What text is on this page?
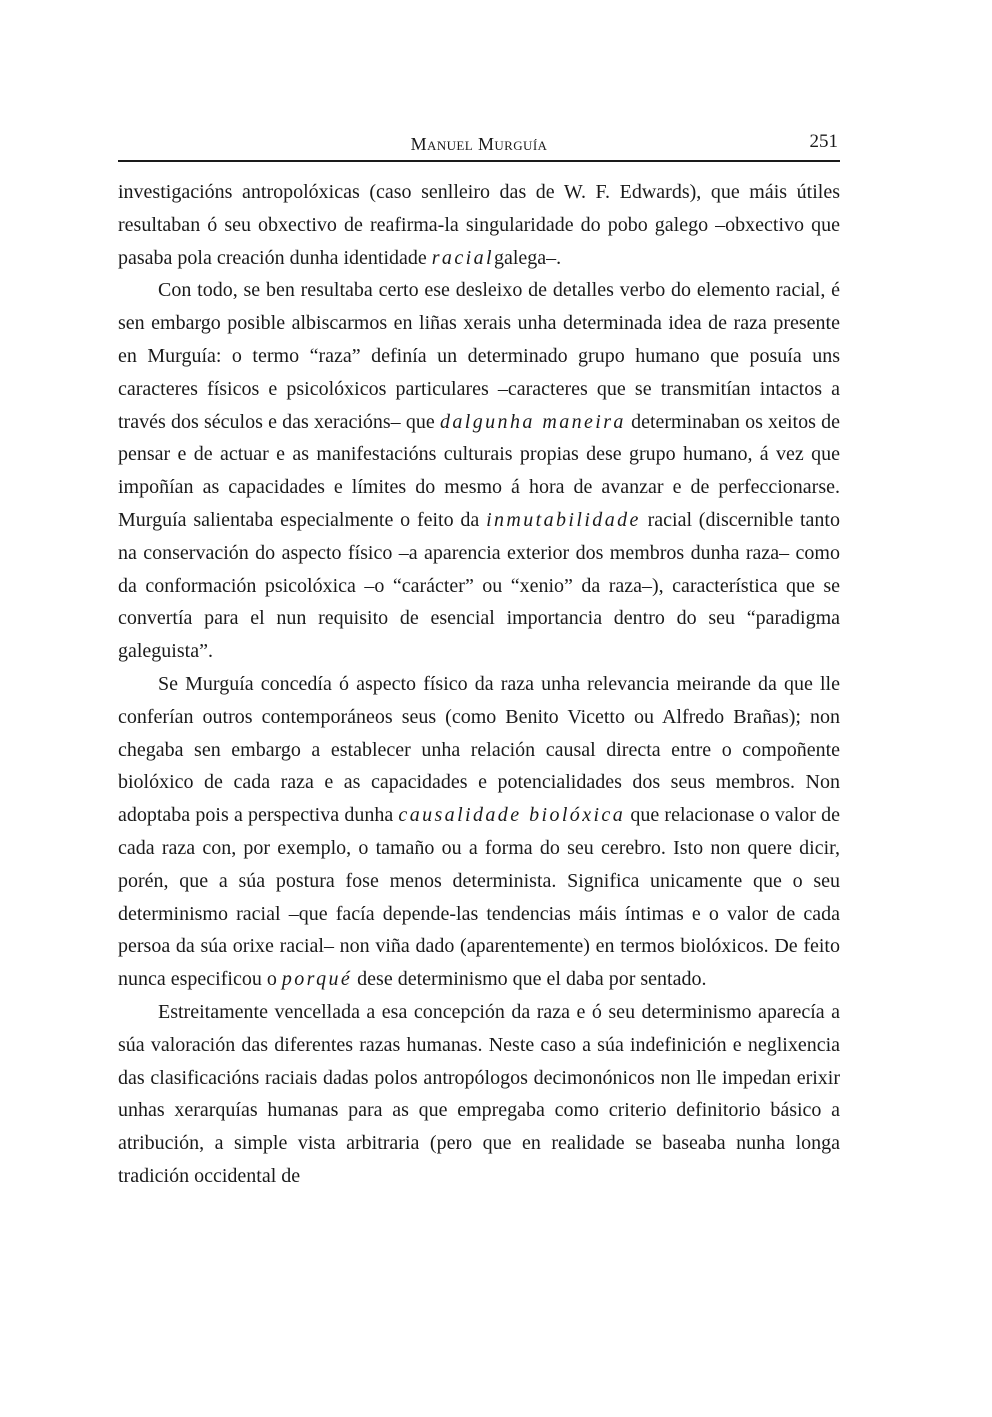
Manuel Murguía	251

investigacións antropolóxicas (caso senlleiro das de W. F. Edwards), que máis útiles resultaban ó seu obxectivo de reafirma-la singularidade do pobo galego –obxectivo que pasaba pola creación dunha identidade racialgalega–.

Con todo, se ben resultaba certo ese desleixo de detalles verbo do elemento racial, é sen embargo posible albiscarmos en liñas xerais unha determinada idea de raza presente en Murguía: o termo “raza” definía un determinado grupo humano que posuía uns caracteres físicos e psicolóxicos particulares –caracteres que se transmitían intactos a través dos séculos e das xeracións– que dalgunha maneira determinaban os xeitos de pensar e de actuar e as manifestacións culturais propias dese grupo humano, á vez que impoñían as capacidades e límites do mesmo á hora de avanzar e de perfeccionarse. Murguía salientaba especialmente o feito da inmutabilidade racial (discernible tanto na conservación do aspecto físico –a aparencia exterior dos membros dunha raza– como da conformación psicolóxica –o “carácter” ou “xenio” da raza–), característica que se convertía para el nun requisito de esencial importancia dentro do seu “paradigma galeguista”.

Se Murguía concedía ó aspecto físico da raza unha relevancia meirande da que lle conferían outros contemporáneos seus (como Benito Vicetto ou Alfredo Brañas); non chegaba sen embargo a establecer unha relación causal directa entre o compoñente biolóxico de cada raza e as capacidades e potencialidades dos seus membros. Non adoptaba pois a perspectiva dunha causalidade biolóxica que relacionase o valor de cada raza con, por exemplo, o tamaño ou a forma do seu cerebro. Isto non quere dicir, porén, que a súa postura fose menos determinista. Significa unicamente que o seu determinismo racial –que facía depende-las tendencias máis íntimas e o valor de cada persoa da súa orixe racial– non viña dado (aparentemente) en termos biolóxicos. De feito nunca especificou o porqué dese determinismo que el daba por sentado.

Estreitamente vencellada a esa concepción da raza e ó seu determinismo aparecía a súa valoración das diferentes razas humanas. Neste caso a súa indefinición e neglixencia das clasificacións raciais dadas polos antropólogos decimonónicos non lle impedan erixir unhas xerarquías humanas para as que empregaba como criterio definitorio básico a atribución, a simple vista arbitraria (pero que en realidade se baseaba nunha longa tradición occidental de
